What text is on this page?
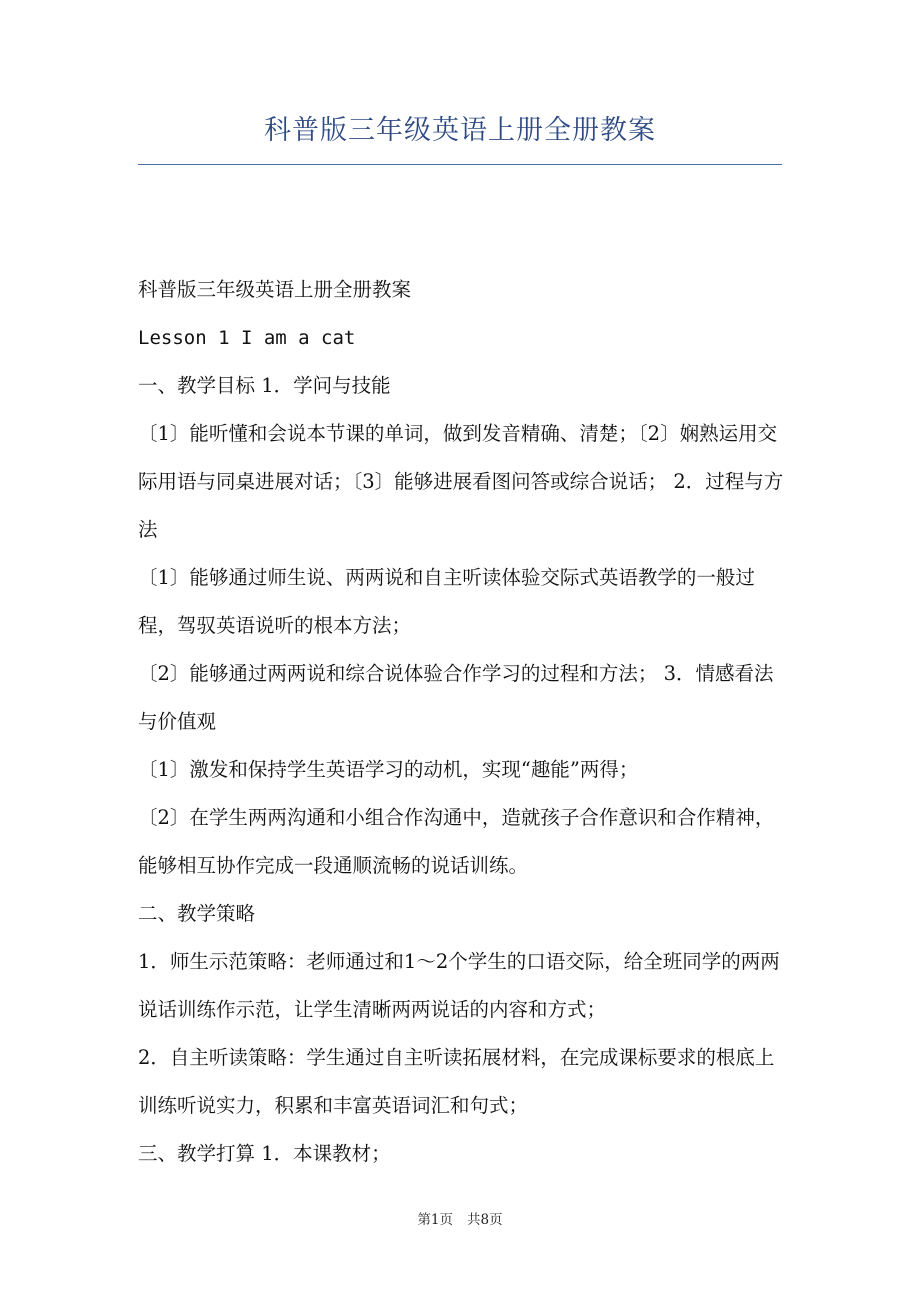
科普版三年级英语上册全册教案

科普版三年级英语上册全册教案

Lesson 1 I am a cat

一、教学目标 1．学问与技能

〔1〕能听懂和会说本节课的单词，做到发音精确、清楚；〔2〕娴熟运用交际用语与同桌进展对话；〔3〕能够进展看图问答或综合说话； 2．过程与方法

〔1〕能够通过师生说、两两说和自主听读体验交际式英语教学的一般过程，驾驭英语说听的根本方法；

〔2〕能够通过两两说和综合说体验合作学习的过程和方法； 3．情感看法与价值观

〔1〕激发和保持学生英语学习的动机，实现“趣能”两得；

〔2〕在学生两两沟通和小组合作沟通中，造就孩子合作意识和合作精神，能够相互协作完成一段通顺流畅的说话训练。

二、教学策略

1．师生示范策略：老师通过和1～2个学生的口语交际，给全班同学的两两说话训练作示范，让学生清晰两两说话的内容和方式；

2．自主听读策略：学生通过自主听读拓展材料，在完成课标要求的根底上训练听说实力，积累和丰富英语词汇和句式；

三、教学打算 1．本课教材；

第1页 共8页
